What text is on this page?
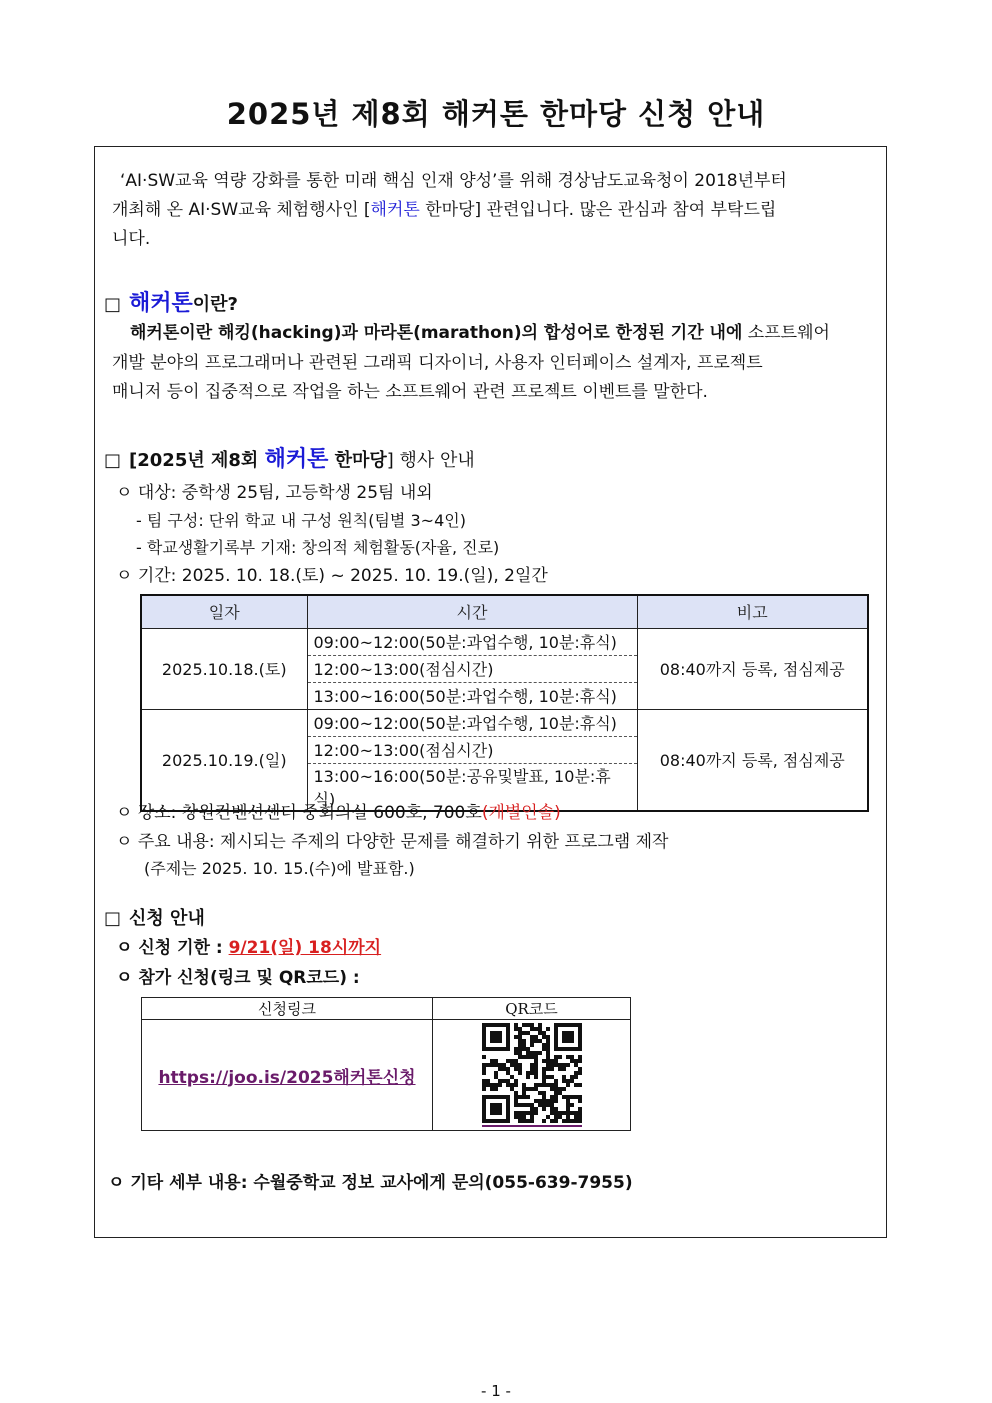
2025년 제8회 해커톤 한마당 신청 안내
‘AI·SW교육 역량 강화를 통한 미래 핵심 인재 양성’를 위해 경상남도교육청이 2018년부터
개최해 온 AI·SW교육 체험행사인 [해커톤 한마당] 관련입니다. 많은 관심과 참여 부탁드립
니다.
□ 해커톤이란?
해커톤이란 해킹(hacking)과 마라톤(marathon)의 합성어로 한정된 기간 내에 소프트웨어
개발 분야의 프로그래머나 관련된 그래픽 디자이너, 사용자 인터페이스 설계자, 프로젝트
매니저 등이 집중적으로 작업을 하는 소프트웨어 관련 프로젝트 이벤트를 말한다.
□ [2025년 제8회 해커톤 한마당] 행사 안내
ㅇ 대상: 중학생 25팀, 고등학생 25팀 내외
- 팀 구성: 단위 학교 내 구성 원칙(팀별 3~4인)
- 학교생활기록부 기재: 창의적 체험활동(자율, 진로)
ㅇ 기간: 2025. 10. 18.(토) ~ 2025. 10. 19.(일), 2일간
일자	시간	비고
2025.10.18.(토)	09:00~12:00(50분:과업수행, 10분:휴식)	08:40까지 등록, 점심제공
	12:00~13:00(점심시간)	
	13:00~16:00(50분:과업수행, 10분:휴식)	
2025.10.19.(일)	09:00~12:00(50분:과업수행, 10분:휴식)	08:40까지 등록, 점심제공
	12:00~13:00(점심시간)	
	13:00~16:00(50분:공유및발표, 10분:휴식)	
ㅇ 장소: 창원컨벤션센터 중회의실 600호, 700호(개별인솔)
ㅇ 주요 내용: 제시되는 주제의 다양한 문제를 해결하기 위한 프로그램 제작
(주제는 2025. 10. 15.(수)에 발표함.)
□ 신청 안내
ㅇ 신청 기한 : 9/21(일) 18시까지
ㅇ 참가 신청(링크 및 QR코드) :
신청링크	QR코드
https://joo.is/2025해커톤신청	
ㅇ 기타 세부 내용: 수월중학교 정보 교사에게 문의(055-639-7955)
- 1 -
